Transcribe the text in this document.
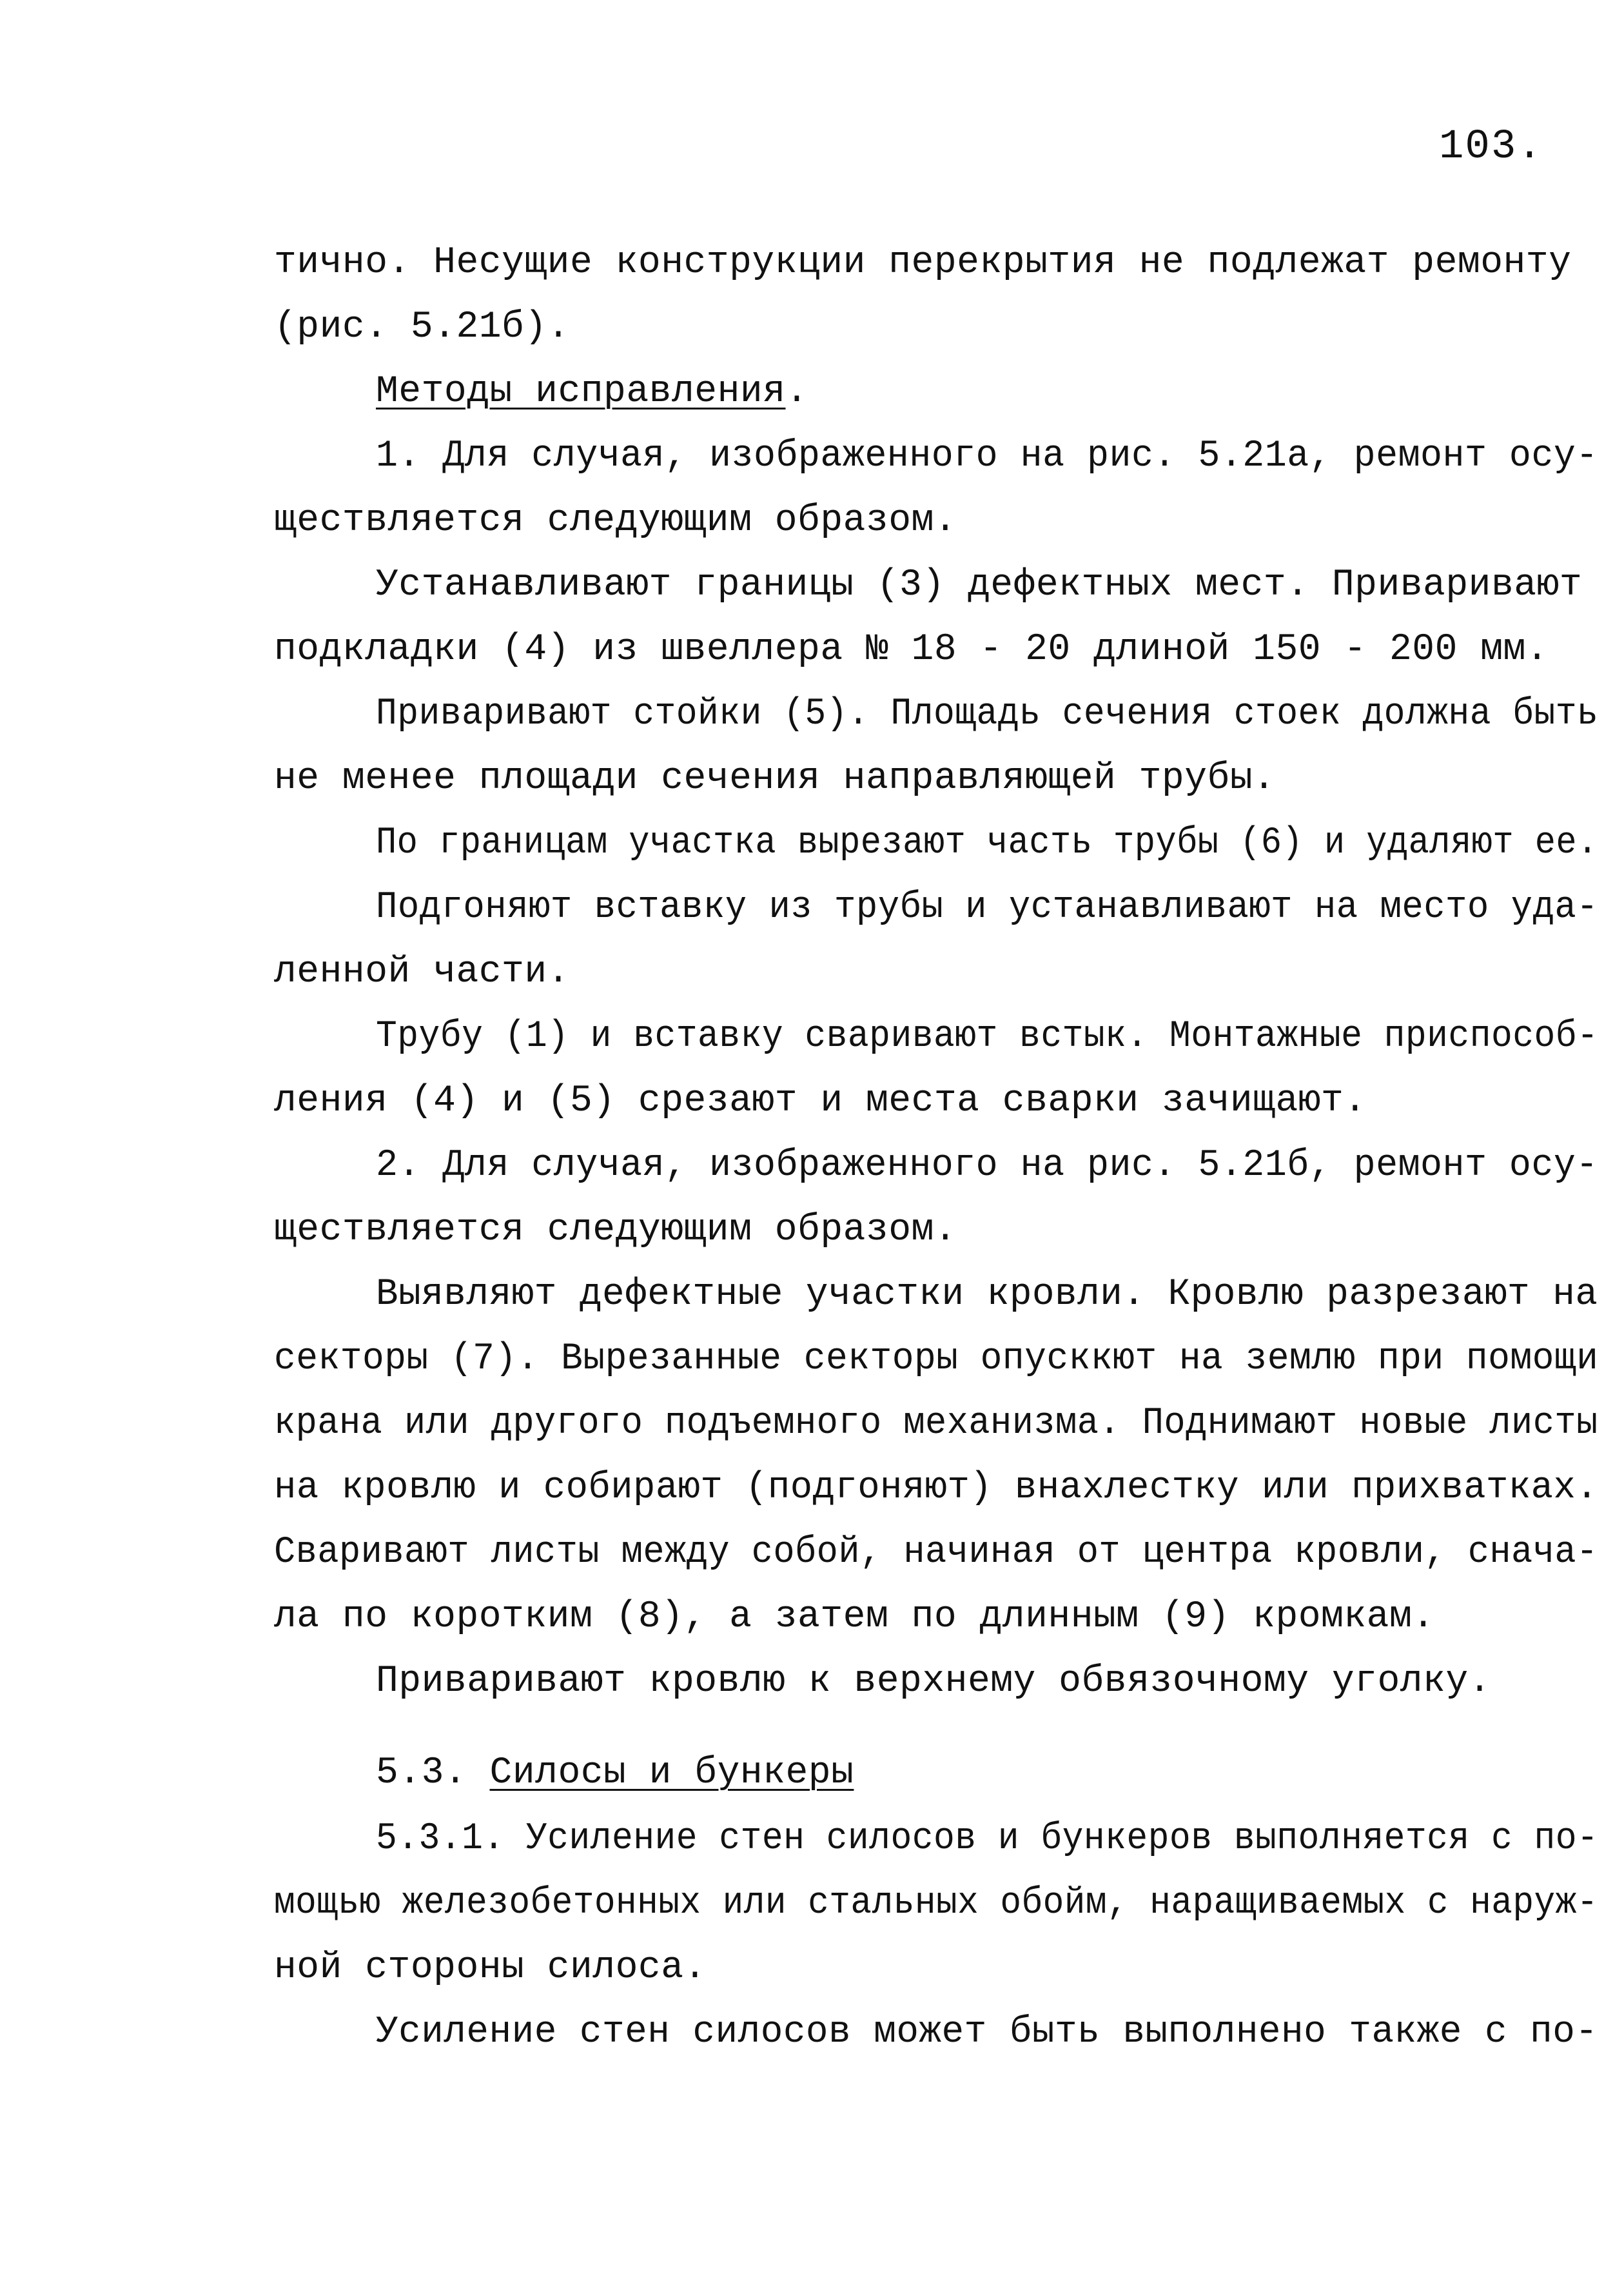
103.
тично. Несущие конструкции перекрытия не подлежат ремонту
(рис. 5.21б).
Методы исправления.
1. Для случая, изображенного на рис. 5.21а, ремонт осу-
ществляется следующим образом.
Устанавливают границы (3) дефектных мест. Приваривают
подкладки (4) из швеллера № 18 - 20 длиной 150 - 200 мм.
Приваривают стойки (5). Площадь сечения стоек должна быть
не менее площади сечения направляющей трубы.
По границам участка вырезают часть трубы (6) и удаляют ее.
Подгоняют вставку из трубы и устанавливают на место уда-
ленной части.
Трубу (1) и вставку сваривают встык. Монтажные приспособ-
ления (4) и (5) срезают и места сварки зачищают.
2. Для случая, изображенного на рис. 5.21б, ремонт осу-
ществляется следующим образом.
Выявляют дефектные участки кровли. Кровлю разрезают на
секторы (7). Вырезанные секторы опусккют на землю при помощи
крана или другого подъемного механизма. Поднимают новые листы
на кровлю и собирают (подгоняют) внахлестку или прихватках.
Сваривают листы между собой, начиная от центра кровли, снача-
ла по коротким (8), а затем по длинным (9) кромкам.
Приваривают кровлю к верхнему обвязочному уголку.
5.3. Силосы и бункеры
5.3.1. Усиление стен силосов и бункеров выполняется с по-
мощью железобетонных или стальных обойм, наращиваемых с наруж-
ной стороны силоса.
Усиление стен силосов может быть выполнено также с по-
